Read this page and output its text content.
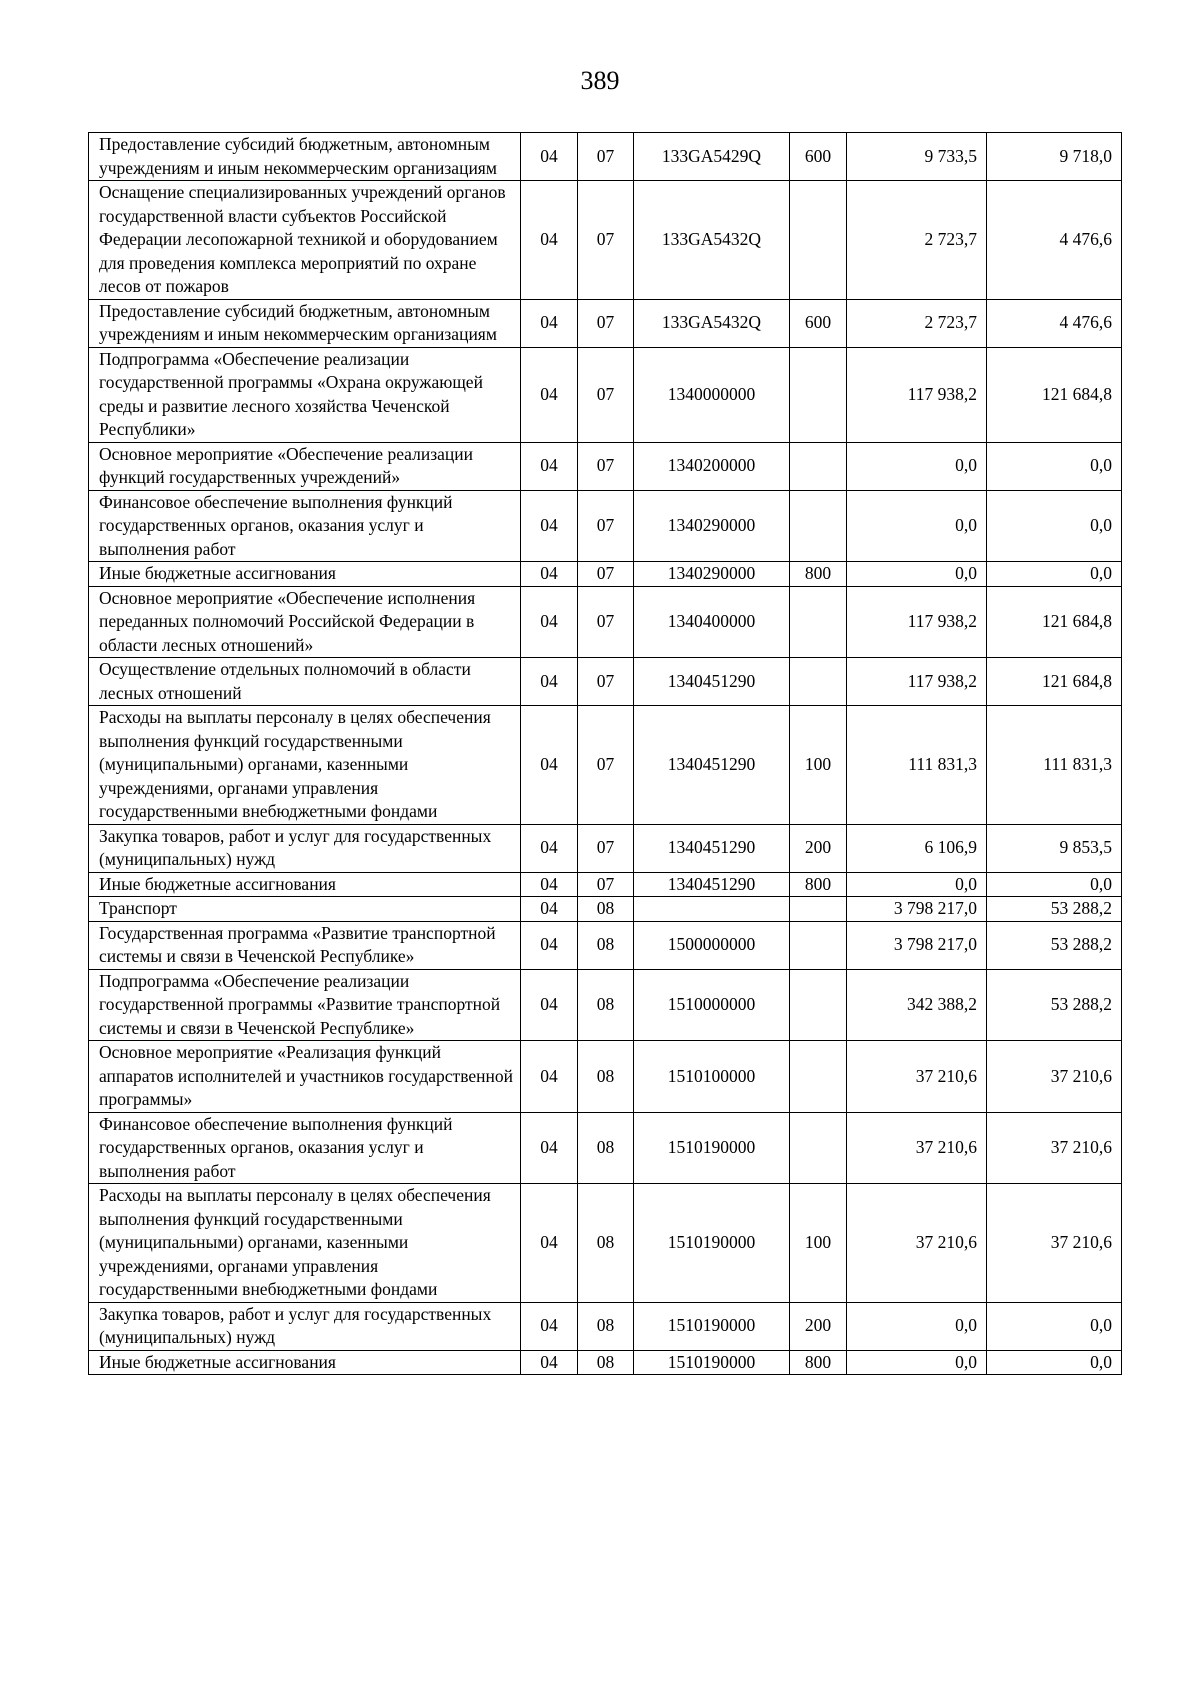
389
Предоставление субсидий бюджетным, автономным учреждениям и иным некоммерческим организациям	04	07	133GA5429Q	600	9 733,5	9 718,0
Оснащение специализированных учреждений органов государственной власти субъектов Российской Федерации лесопожарной техникой и оборудованием для проведения комплекса мероприятий по охране лесов от пожаров	04	07	133GA5432Q		2 723,7	4 476,6
Предоставление субсидий бюджетным, автономным учреждениям и иным некоммерческим организациям	04	07	133GA5432Q	600	2 723,7	4 476,6
Подпрограмма «Обеспечение реализации государственной программы «Охрана окружающей среды и развитие лесного хозяйства Чеченской Республики»	04	07	1340000000		117 938,2	121 684,8
Основное мероприятие «Обеспечение реализации функций государственных учреждений»	04	07	1340200000		0,0	0,0
Финансовое обеспечение выполнения функций государственных органов, оказания услуг и выполнения работ	04	07	1340290000		0,0	0,0
Иные бюджетные ассигнования	04	07	1340290000	800	0,0	0,0
Основное мероприятие «Обеспечение исполнения переданных полномочий Российской Федерации в области лесных отношений»	04	07	1340400000		117 938,2	121 684,8
Осуществление отдельных полномочий в области лесных отношений	04	07	1340451290		117 938,2	121 684,8
Расходы на выплаты персоналу в целях обеспечения выполнения функций государственными (муниципальными) органами, казенными учреждениями, органами управления государственными внебюджетными фондами	04	07	1340451290	100	111 831,3	111 831,3
Закупка товаров, работ и услуг для государственных (муниципальных) нужд	04	07	1340451290	200	6 106,9	9 853,5
Иные бюджетные ассигнования	04	07	1340451290	800	0,0	0,0
Транспорт	04	08			3 798 217,0	53 288,2
Государственная программа «Развитие транспортной системы и связи в Чеченской Республике»	04	08	1500000000		3 798 217,0	53 288,2
Подпрограмма «Обеспечение реализации государственной программы «Развитие транспортной системы и связи в Чеченской Республике»	04	08	1510000000		342 388,2	53 288,2
Основное мероприятие «Реализация функций аппаратов исполнителей и участников государственной программы»	04	08	1510100000		37 210,6	37 210,6
Финансовое обеспечение выполнения функций государственных органов, оказания услуг и выполнения работ	04	08	1510190000		37 210,6	37 210,6
Расходы на выплаты персоналу в целях обеспечения выполнения функций государственными (муниципальными) органами, казенными учреждениями, органами управления государственными внебюджетными фондами	04	08	1510190000	100	37 210,6	37 210,6
Закупка товаров, работ и услуг для государственных (муниципальных) нужд	04	08	1510190000	200	0,0	0,0
Иные бюджетные ассигнования	04	08	1510190000	800	0,0	0,0
